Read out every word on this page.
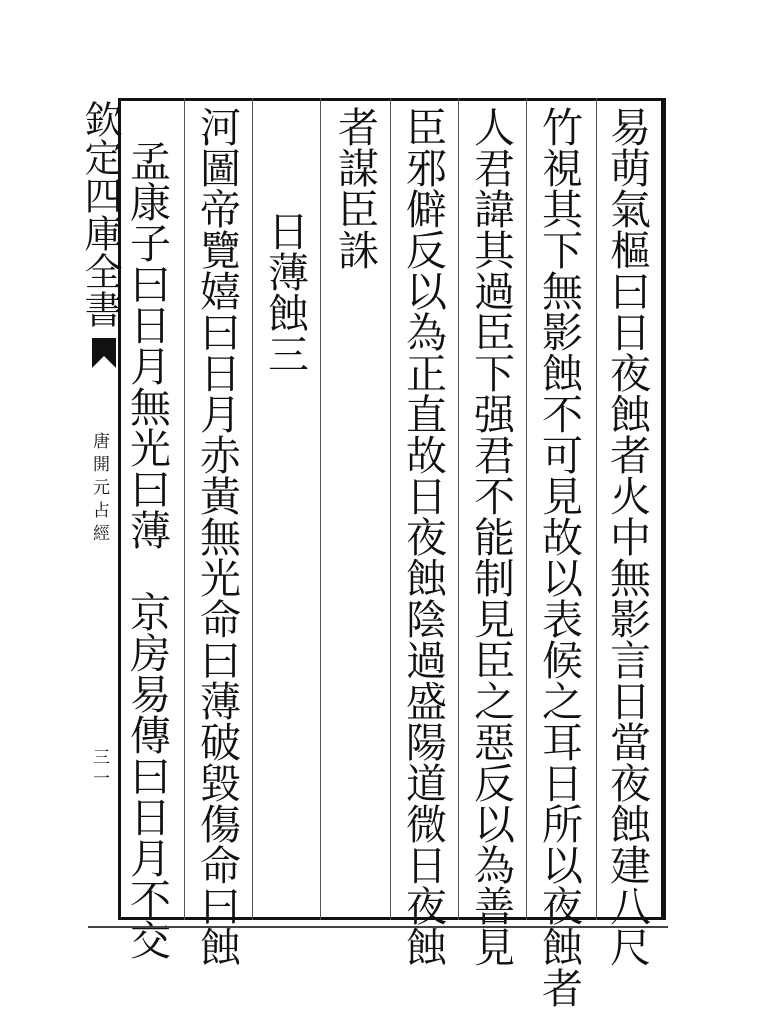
欽定四庫全書
唐開元占經
三一	易萌氣樞曰日夜蝕者火中無影言日當夜蝕建八尺
竹視其下無影蝕不可見故以表候之耳日所以夜蝕者
人君諱其過臣下强君不能制見臣之惡反以為善見
臣邪僻反以為正直故日夜蝕陰過盛陽道微日夜蝕
者謀臣誅
日薄蝕三
河圖帝覽嬉曰日月赤黃無光命曰薄破毀傷命曰蝕
孟康子曰日月無光曰薄　京房易傳曰日月不交
